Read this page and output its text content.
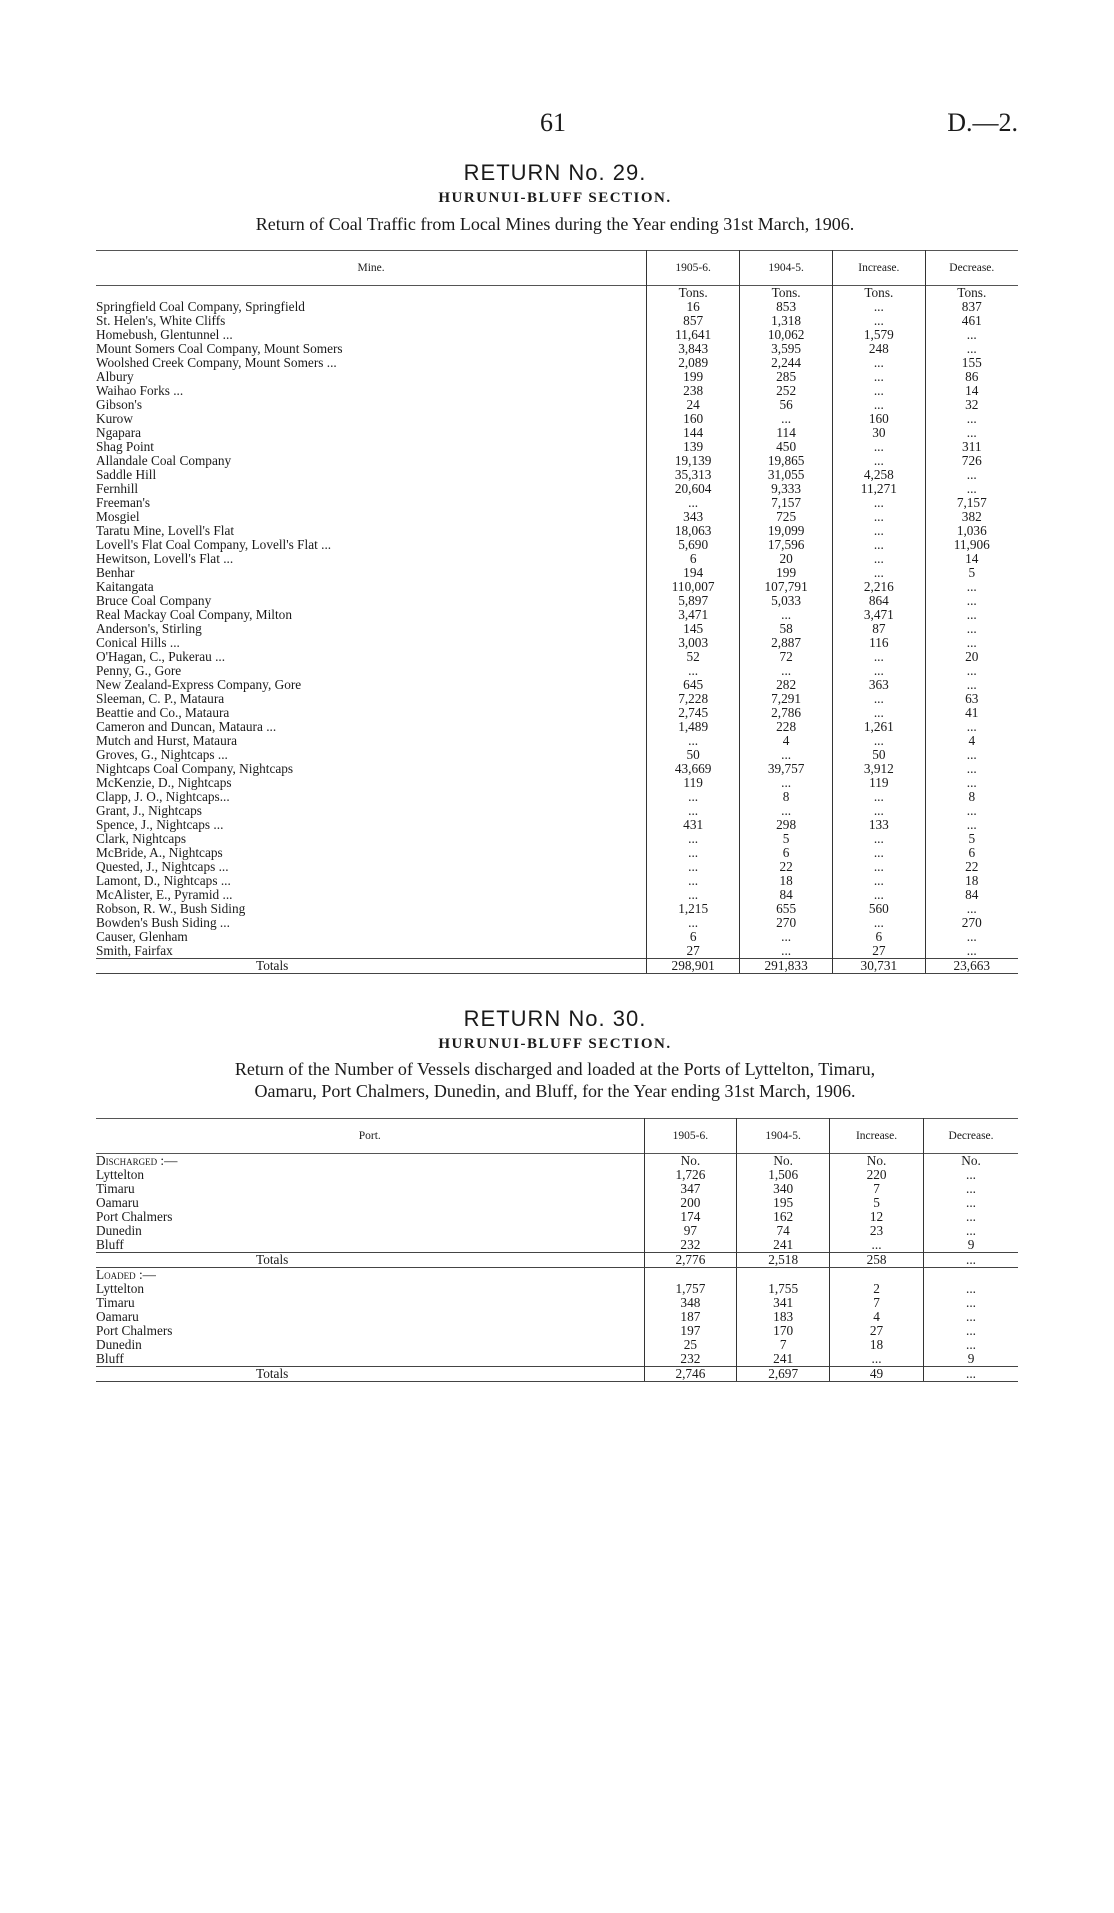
61	D.—2.
RETURN No. 29.
HURUNUI-BLUFF SECTION.
Return of Coal Traffic from Local Mines during the Year ending 31st March, 1906.
Mine.	1905-6.	1904-5.	Increase.	Decrease.
	Tons.	Tons.	Tons.	Tons.
Springfield Coal Company, Springfield	16	853	...	837
St. Helen's, White Cliffs	857	1,318	...	461
Homebush, Glentunnel ...	11,641	10,062	1,579	...
Mount Somers Coal Company, Mount Somers	3,843	3,595	248	...
Woolshed Creek Company, Mount Somers ...	2,089	2,244	...	155
Albury	199	285	...	86
Waihao Forks ...	238	252	...	14
Gibson's	24	56	...	32
Kurow	160	...	160	...
Ngapara	144	114	30	...
Shag Point	139	450	...	311
Allandale Coal Company	19,139	19,865	...	726
Saddle Hill	35,313	31,055	4,258	...
Fernhill	20,604	9,333	11,271	...
Freeman's	...	7,157	...	7,157
Mosgiel	343	725	...	382
Taratu Mine, Lovell's Flat	18,063	19,099	...	1,036
Lovell's Flat Coal Company, Lovell's Flat ...	5,690	17,596	...	11,906
Hewitson, Lovell's Flat ...	6	20	...	14
Benhar	194	199	...	5
Kaitangata	110,007	107,791	2,216	...
Bruce Coal Company	5,897	5,033	864	...
Real Mackay Coal Company, Milton	3,471	...	3,471	...
Anderson's, Stirling	145	58	87	...
Conical Hills ...	3,003	2,887	116	...
O'Hagan, C., Pukerau ...	52	72	...	20
Penny, G., Gore	...	...	...	...
New Zealand-Express Company, Gore	645	282	363	...
Sleeman, C. P., Mataura	7,228	7,291	...	63
Beattie and Co., Mataura	2,745	2,786	...	41
Cameron and Duncan, Mataura ...	1,489	228	1,261	...
Mutch and Hurst, Mataura	...	4	...	4
Groves, G., Nightcaps ...	50	...	50	...
Nightcaps Coal Company, Nightcaps	43,669	39,757	3,912	...
McKenzie, D., Nightcaps	119	...	119	...
Clapp, J. O., Nightcaps...	...	8	...	8
Grant, J., Nightcaps	...	...	...	...
Spence, J., Nightcaps ...	431	298	133	...
Clark, Nightcaps	...	5	...	5
McBride, A., Nightcaps	...	6	...	6
Quested, J., Nightcaps ...	...	22	...	22
Lamont, D., Nightcaps ...	...	18	...	18
McAlister, E., Pyramid ...	...	84	...	84
Robson, R. W., Bush Siding	1,215	655	560	...
Bowden's Bush Siding ...	...	270	...	270
Causer, Glenham	6	...	6	...
Smith, Fairfax	27	...	27	...
Totals	298,901	291,833	30,731	23,663
RETURN No. 30.
HURUNUI-BLUFF SECTION.
Return of the Number of Vessels discharged and loaded at the Ports of Lyttelton, Timaru,
Oamaru, Port Chalmers, Dunedin, and Bluff, for the Year ending 31st March, 1906.
Port.	1905-6.	1904-5.	Increase.	Decrease.
Discharged :—	No.	No.	No.	No.
Lyttelton	1,726	1,506	220	...
Timaru	347	340	7	...
Oamaru	200	195	5	...
Port Chalmers	174	162	12	...
Dunedin	97	74	23	...
Bluff	232	241	...	9
Totals	2,776	2,518	258	...
Loaded :—				
Lyttelton	1,757	1,755	2	...
Timaru	348	341	7	...
Oamaru	187	183	4	...
Port Chalmers	197	170	27	...
Dunedin	25	7	18	...
Bluff	232	241	...	9
Totals	2,746	2,697	49	...
